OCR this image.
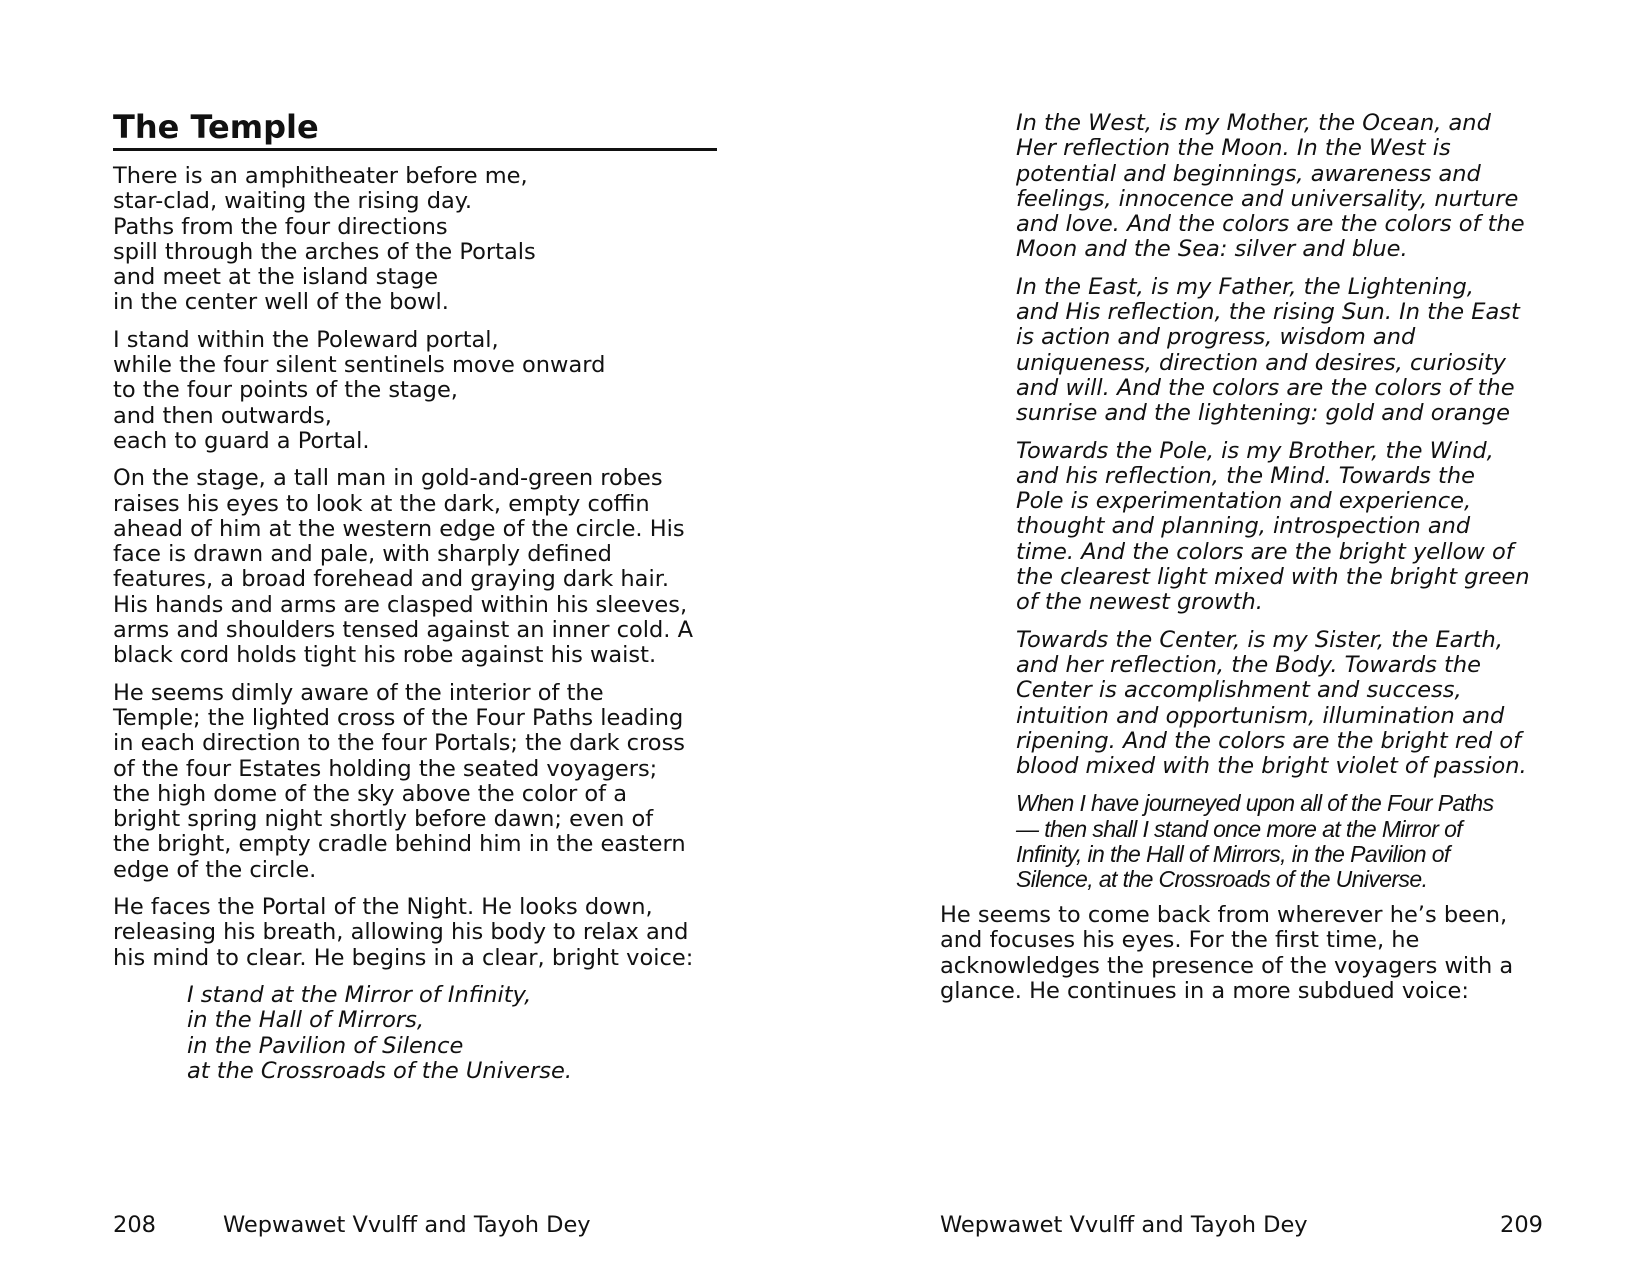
The Temple

There is an amphitheater before me,
star-clad, waiting the rising day.
Paths from the four directions
spill through the arches of the Portals
and meet at the island stage
in the center well of the bowl.

I stand within the Poleward portal,
while the four silent sentinels move onward
to the four points of the stage,
and then outwards,
each to guard a Portal.

On the stage, a tall man in gold-and-green robes
raises his eyes to look at the dark, empty coffin
ahead of him at the western edge of the circle. His
face is drawn and pale, with sharply defined
features, a broad forehead and graying dark hair.
His hands and arms are clasped within his sleeves,
arms and shoulders tensed against an inner cold. A
black cord holds tight his robe against his waist.

He seems dimly aware of the interior of the
Temple; the lighted cross of the Four Paths leading
in each direction to the four Portals; the dark cross
of the four Estates holding the seated voyagers;
the high dome of the sky above the color of a
bright spring night shortly before dawn; even of
the bright, empty cradle behind him in the eastern
edge of the circle.

He faces the Portal of the Night. He looks down,
releasing his breath, allowing his body to relax and
his mind to clear. He begins in a clear, bright voice:

I stand at the Mirror of Infinity,
in the Hall of Mirrors,
in the Pavilion of Silence
at the Crossroads of the Universe.

208	Wepwawet Vvulff and Tayoh Dey

In the West, is my Mother, the Ocean, and
Her reflection the Moon. In the West is
potential and beginnings, awareness and
feelings, innocence and universality, nurture
and love. And the colors are the colors of the
Moon and the Sea: silver and blue.

In the East, is my Father, the Lightening,
and His reflection, the rising Sun. In the East
is action and progress, wisdom and
uniqueness, direction and desires, curiosity
and will. And the colors are the colors of the
sunrise and the lightening: gold and orange

Towards the Pole, is my Brother, the Wind,
and his reflection, the Mind. Towards the
Pole is experimentation and experience,
thought and planning, introspection and
time. And the colors are the bright yellow of
the clearest light mixed with the bright green
of the newest growth.

Towards the Center, is my Sister, the Earth,
and her reflection, the Body. Towards the
Center is accomplishment and success,
intuition and opportunism, illumination and
ripening. And the colors are the bright red of
blood mixed with the bright violet of passion.

When I have journeyed upon all of the Four Paths
— then shall I stand once more at the Mirror of
Infinity, in the Hall of Mirrors, in the Pavilion of
Silence, at the Crossroads of the Universe.

He seems to come back from wherever he’s been,
and focuses his eyes. For the first time, he
acknowledges the presence of the voyagers with a
glance. He continues in a more subdued voice:

Wepwawet Vvulff and Tayoh Dey	209
